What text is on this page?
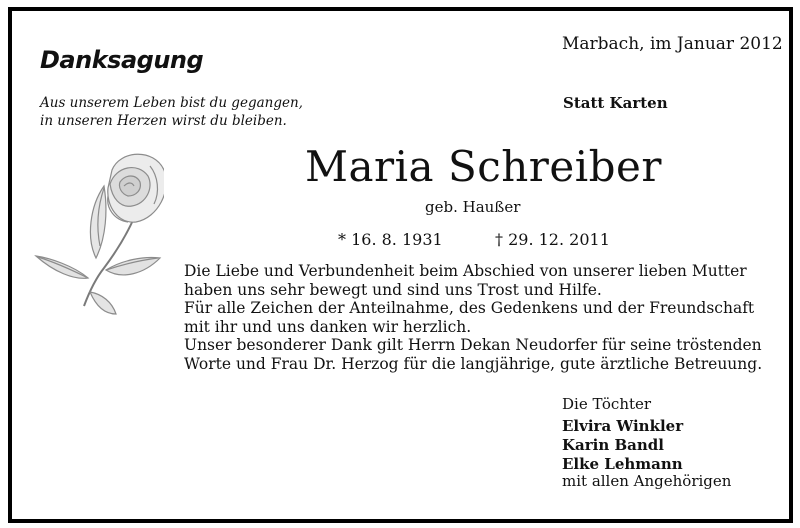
Danksagung
Marbach, im Januar 2012
Aus unserem Leben bist du gegangen,
in unseren Herzen wirst du bleiben.
Statt Karten
Maria Schreiber
geb. Haußer
* 16. 8. 1931	† 29. 12. 2011
Die Liebe und Verbundenheit beim Abschied von unserer lieben Mutter
haben uns sehr bewegt und sind uns Trost und Hilfe.
Für alle Zeichen der Anteilnahme, des Gedenkens und der Freundschaft
mit ihr und uns danken wir herzlich.
Unser besonderer Dank gilt Herrn Dekan Neudorfer für seine tröstenden
Worte und Frau Dr. Herzog für die langjährige, gute ärztliche Betreuung.
Die Töchter
Elvira Winkler
Karin Bandl
Elke Lehmann
mit allen Angehörigen
